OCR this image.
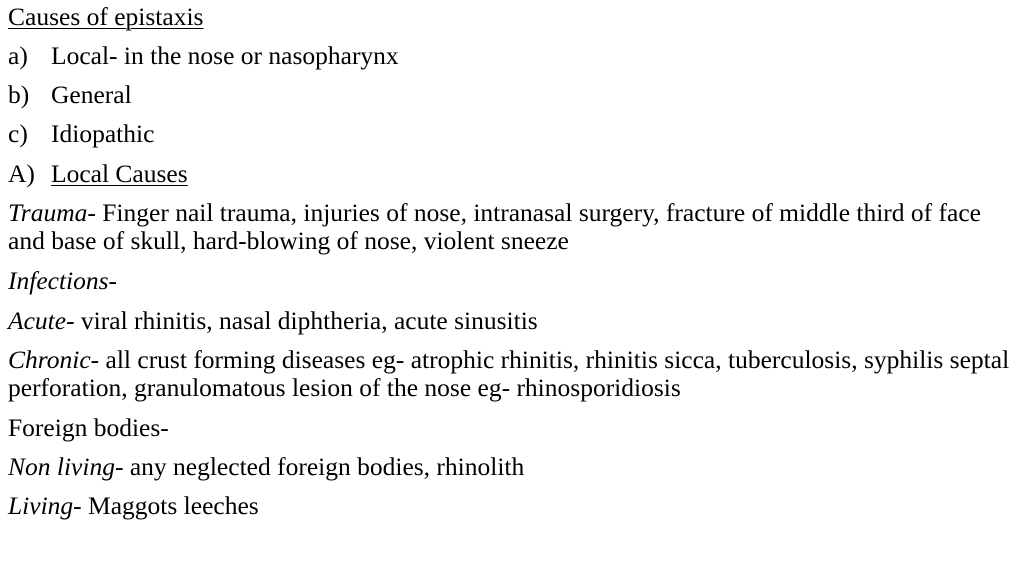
Causes of epistaxis
a) Local- in the nose or nasopharynx
b) General
c) Idiopathic
A) Local Causes
Trauma- Finger nail trauma, injuries of nose, intranasal surgery, fracture of middle third of face and base of skull, hard-blowing of nose, violent sneeze
Infections-
Acute- viral rhinitis, nasal diphtheria, acute sinusitis
Chronic- all crust forming diseases eg- atrophic rhinitis, rhinitis sicca, tuberculosis, syphilis septal perforation, granulomatous lesion of the nose eg- rhinosporidiosis
Foreign bodies-
Non living- any neglected foreign bodies, rhinolith
Living- Maggots leeches
